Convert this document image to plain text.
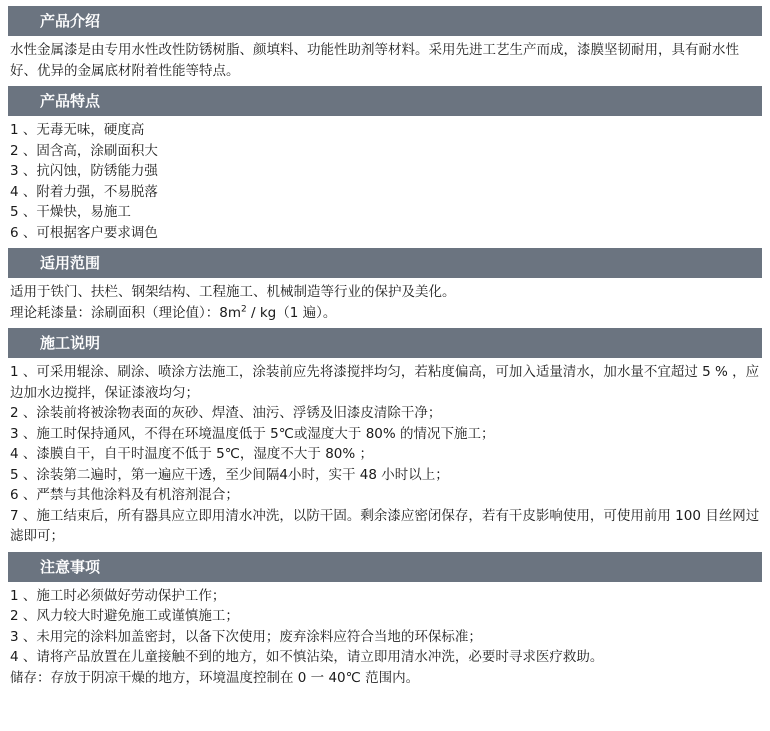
产品介绍
水性金属漆是由专用水性改性防锈树脂、颜填料、功能性助剂等材料。采用先进工艺生产而成，漆膜坚韧耐用，具有耐水性好、优异的金属底材附着性能等特点。
产品特点
1 、无毒无味，硬度高
2 、固含高，涂刷面积大
3 、抗闪蚀，防锈能力强
4 、附着力强，不易脱落
5 、干燥快，易施工
6 、可根据客户要求调色
适用范围
适用于铁门、扶栏、钢架结构、工程施工、机械制造等行业的保护及美化。
理论耗漆量：涂刷面积（理论值）：$8m^2 / kg(1$ 遍）。
施工说明
1 、可采用辊涂、刷涂、喷涂方法施工，涂装前应先将漆搅拌均匀，若粘度偏高，可加入适量清水，加水量不宜超过 5 % ，应边加水边搅拌，保证漆液均匀；
2 、涂装前将被涂物表面的灰砂、焊渣、油污、浮锈及旧漆皮清除干净；
3 、施工时保持通风，不得在环境温度低于 5℃或湿度大于 80% 的情况下施工；
4 、漆膜自干，自干时温度不低于 5℃，湿度不大于 80% ；
5 、涂装第二遍时，第一遍应干透，至少间隔4小时，实干 48 小时以上；
6 、严禁与其他涂料及有机溶剂混合；
7 、施工结束后，所有器具应立即用清水冲洗，以防干固。剩余漆应密闭保存，若有干皮影响使用，可使用前用 100 目丝网过滤即可；
注意事项
1 、施工时必须做好劳动保护工作；
2 、风力较大时避免施工或谨慎施工；
3 、未用完的涂料加盖密封，以备下次使用；废弃涂料应符合当地的环保标准；
4 、请将产品放置在儿童接触不到的地方，如不慎沾染，请立即用清水冲洗，必要时寻求医疗救助。
储存：存放于阴凉干燥的地方，环境温度控制在 0 一 40℃ 范围内。
